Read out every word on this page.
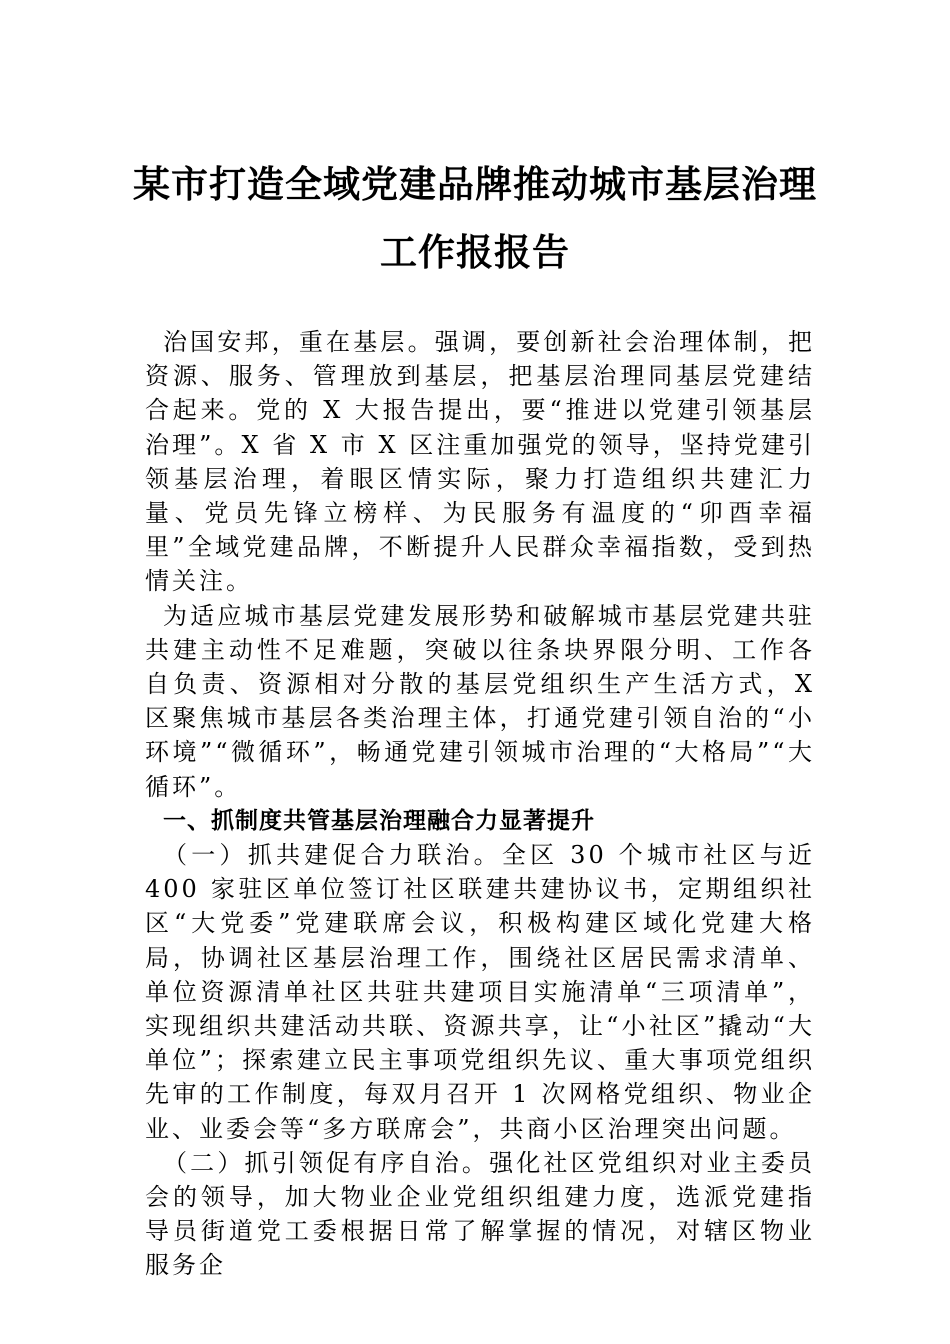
某市打造全域党建品牌推动城市基层治理
工作报报告

治国安邦，重在基层。强调，要创新社会治理体制，把资源、服务、管理放到基层，把基层治理同基层党建结合起来。党的 X 大报告提出，要“推进以党建引领基层治理”。X 省 X 市 X 区注重加强党的领导，坚持党建引领基层治理，着眼区情实际，聚力打造组织共建汇力量、党员先锋立榜样、为民服务有温度的“卯酉幸福里”全域党建品牌，不断提升人民群众幸福指数，受到热情关注。

为适应城市基层党建发展形势和破解城市基层党建共驻共建主动性不足难题，突破以往条块界限分明、工作各自负责、资源相对分散的基层党组织生产生活方式，X 区聚焦城市基层各类治理主体，打通党建引领自治的“小环境”“微循环”，畅通党建引领城市治理的“大格局”“大循环”。

一、抓制度共管基层治理融合力显著提升

（一）抓共建促合力联治。全区 30 个城市社区与近 400 家驻区单位签订社区联建共建协议书，定期组织社区“大党委”党建联席会议，积极构建区域化党建大格局，协调社区基层治理工作，围绕社区居民需求清单、单位资源清单社区共驻共建项目实施清单“三项清单”，实现组织共建活动共联、资源共享，让“小社区”撬动“大单位”；探索建立民主事项党组织先议、重大事项党组织先审的工作制度，每双月召开 1 次网格党组织、物业企业、业委会等“多方联席会”，共商小区治理突出问题。

（二）抓引领促有序自治。强化社区党组织对业主委员会的领导，加大物业企业党组织组建力度，选派党建指导员街道党工委根据日常了解掌握的情况，对辖区物业服务企
